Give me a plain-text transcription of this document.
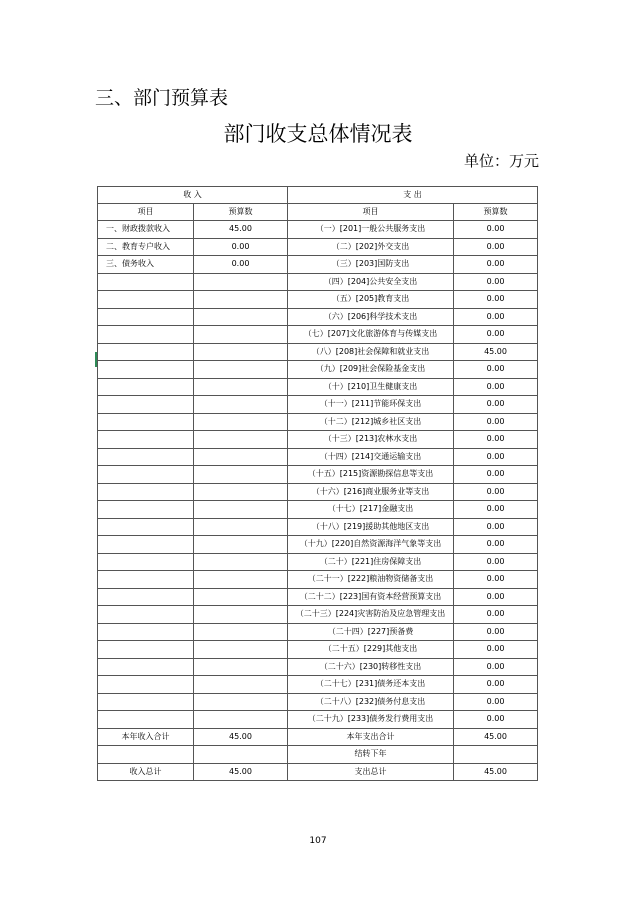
三、部门预算表
部门收支总体情况表
单位：万元
收 入		支 出	
项目	预算数	项目	预算数
一、财政拨款收入	45.00	（一）[201]一般公共服务支出	0.00
二、教育专户收入	0.00	（二）[202]外交支出	0.00
三、债务收入	0.00	（三）[203]国防支出	0.00
		（四）[204]公共安全支出	0.00
		（五）[205]教育支出	0.00
		（六）[206]科学技术支出	0.00
		（七）[207]文化旅游体育与传媒支出	0.00
		（八）[208]社会保障和就业支出	45.00
		（九）[209]社会保险基金支出	0.00
		（十）[210]卫生健康支出	0.00
		（十一）[211]节能环保支出	0.00
		（十二）[212]城乡社区支出	0.00
		（十三）[213]农林水支出	0.00
		（十四）[214]交通运输支出	0.00
		（十五）[215]资源勘探信息等支出	0.00
		（十六）[216]商业服务业等支出	0.00
		（十七）[217]金融支出	0.00
		（十八）[219]援助其他地区支出	0.00
		（十九）[220]自然资源海洋气象等支出	0.00
		（二十）[221]住房保障支出	0.00
		（二十一）[222]粮油物资储备支出	0.00
		（二十二）[223]国有资本经营预算支出	0.00
		（二十三）[224]灾害防治及应急管理支出	0.00
		（二十四）[227]预备费	0.00
		（二十五）[229]其他支出	0.00
		（二十六）[230]转移性支出	0.00
		（二十七）[231]债务还本支出	0.00
		（二十八）[232]债务付息支出	0.00
		（二十九）[233]债务发行费用支出	0.00
本年收入合计	45.00	本年支出合计	45.00
		结转下年	
收入总计	45.00	支出总计	45.00
107
